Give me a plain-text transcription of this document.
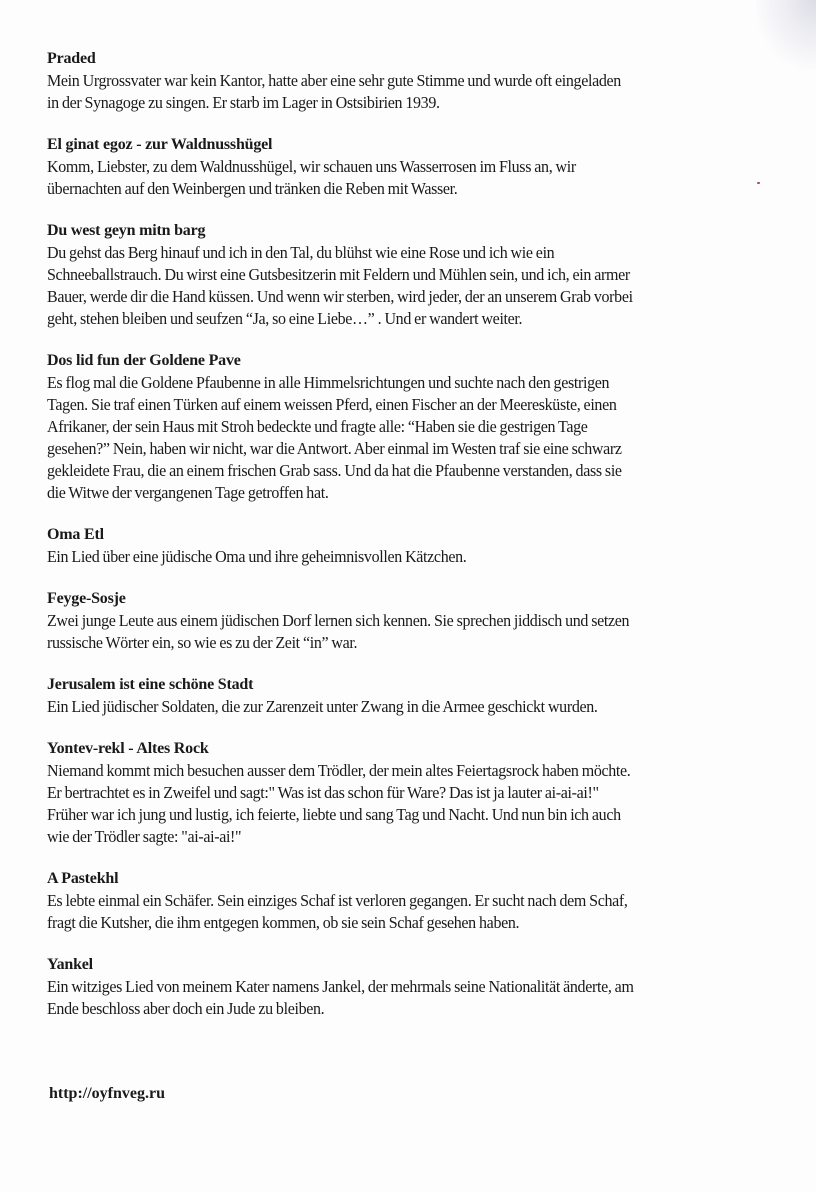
Praded
Mein Urgrossvater war kein Kantor, hatte aber eine sehr gute Stimme und wurde oft eingeladen
in der Synagoge zu singen. Er starb im Lager in Ostsibirien 1939.
El ginat egoz - zur Waldnusshügel
Komm, Liebster, zu dem Waldnusshügel, wir schauen uns Wasserrosen im Fluss an, wir
übernachten auf den Weinbergen und tränken die Reben mit Wasser.
Du west geyn mitn barg
Du gehst das Berg hinauf und ich in den Tal, du blühst wie eine Rose und ich wie ein
Schneeballstrauch. Du wirst eine Gutsbesitzerin mit Feldern und Mühlen sein, und ich, ein armer
Bauer, werde dir die Hand küssen. Und wenn wir sterben, wird jeder, der an unserem Grab vorbei
geht, stehen bleiben und seufzen “Ja, so eine Liebe…” . Und er wandert weiter.
Dos lid fun der Goldene Pave
Es flog mal die Goldene Pfaubenne in alle Himmelsrichtungen und suchte nach den gestrigen
Tagen. Sie traf einen Türken auf einem weissen Pferd, einen Fischer an der Meeresküste, einen
Afrikaner, der sein Haus mit Stroh bedeckte und fragte alle: “Haben sie die gestrigen Tage
gesehen?” Nein, haben wir nicht, war die Antwort. Aber einmal im Westen traf sie eine schwarz
gekleidete Frau, die an einem frischen Grab sass. Und da hat die Pfaubenne verstanden, dass sie
die Witwe der vergangenen Tage getroffen hat.
Oma Etl
Ein Lied über eine jüdische Oma und ihre geheimnisvollen Kätzchen.
Feyge-Sosje
Zwei junge Leute aus einem jüdischen Dorf lernen sich kennen. Sie sprechen jiddisch und setzen
russische Wörter ein, so wie es zu der Zeit “in” war.
Jerusalem ist eine schöne Stadt
Ein Lied jüdischer Soldaten, die zur Zarenzeit unter Zwang in die Armee geschickt wurden.
Yontev-rekl - Altes Rock
Niemand kommt mich besuchen ausser dem Trödler, der mein altes Feiertagsrock haben möchte.
Er bertrachtet es in Zweifel und sagt:" Was ist das schon für Ware? Das ist ja lauter ai-ai-ai!"
Früher war ich jung und lustig, ich feierte, liebte und sang Tag und Nacht. Und nun bin ich auch
wie der Trödler sagte: "ai-ai-ai!"
A Pastekhl
Es lebte einmal ein Schäfer. Sein einziges Schaf ist verloren gegangen. Er sucht nach dem Schaf,
fragt die Kutsher, die ihm entgegen kommen, ob sie sein Schaf gesehen haben.
Yankel
Ein witziges Lied von meinem Kater namens Jankel, der mehrmals seine Nationalität änderte, am
Ende beschloss aber doch ein Jude zu bleiben.
http://oyfnveg.ru
